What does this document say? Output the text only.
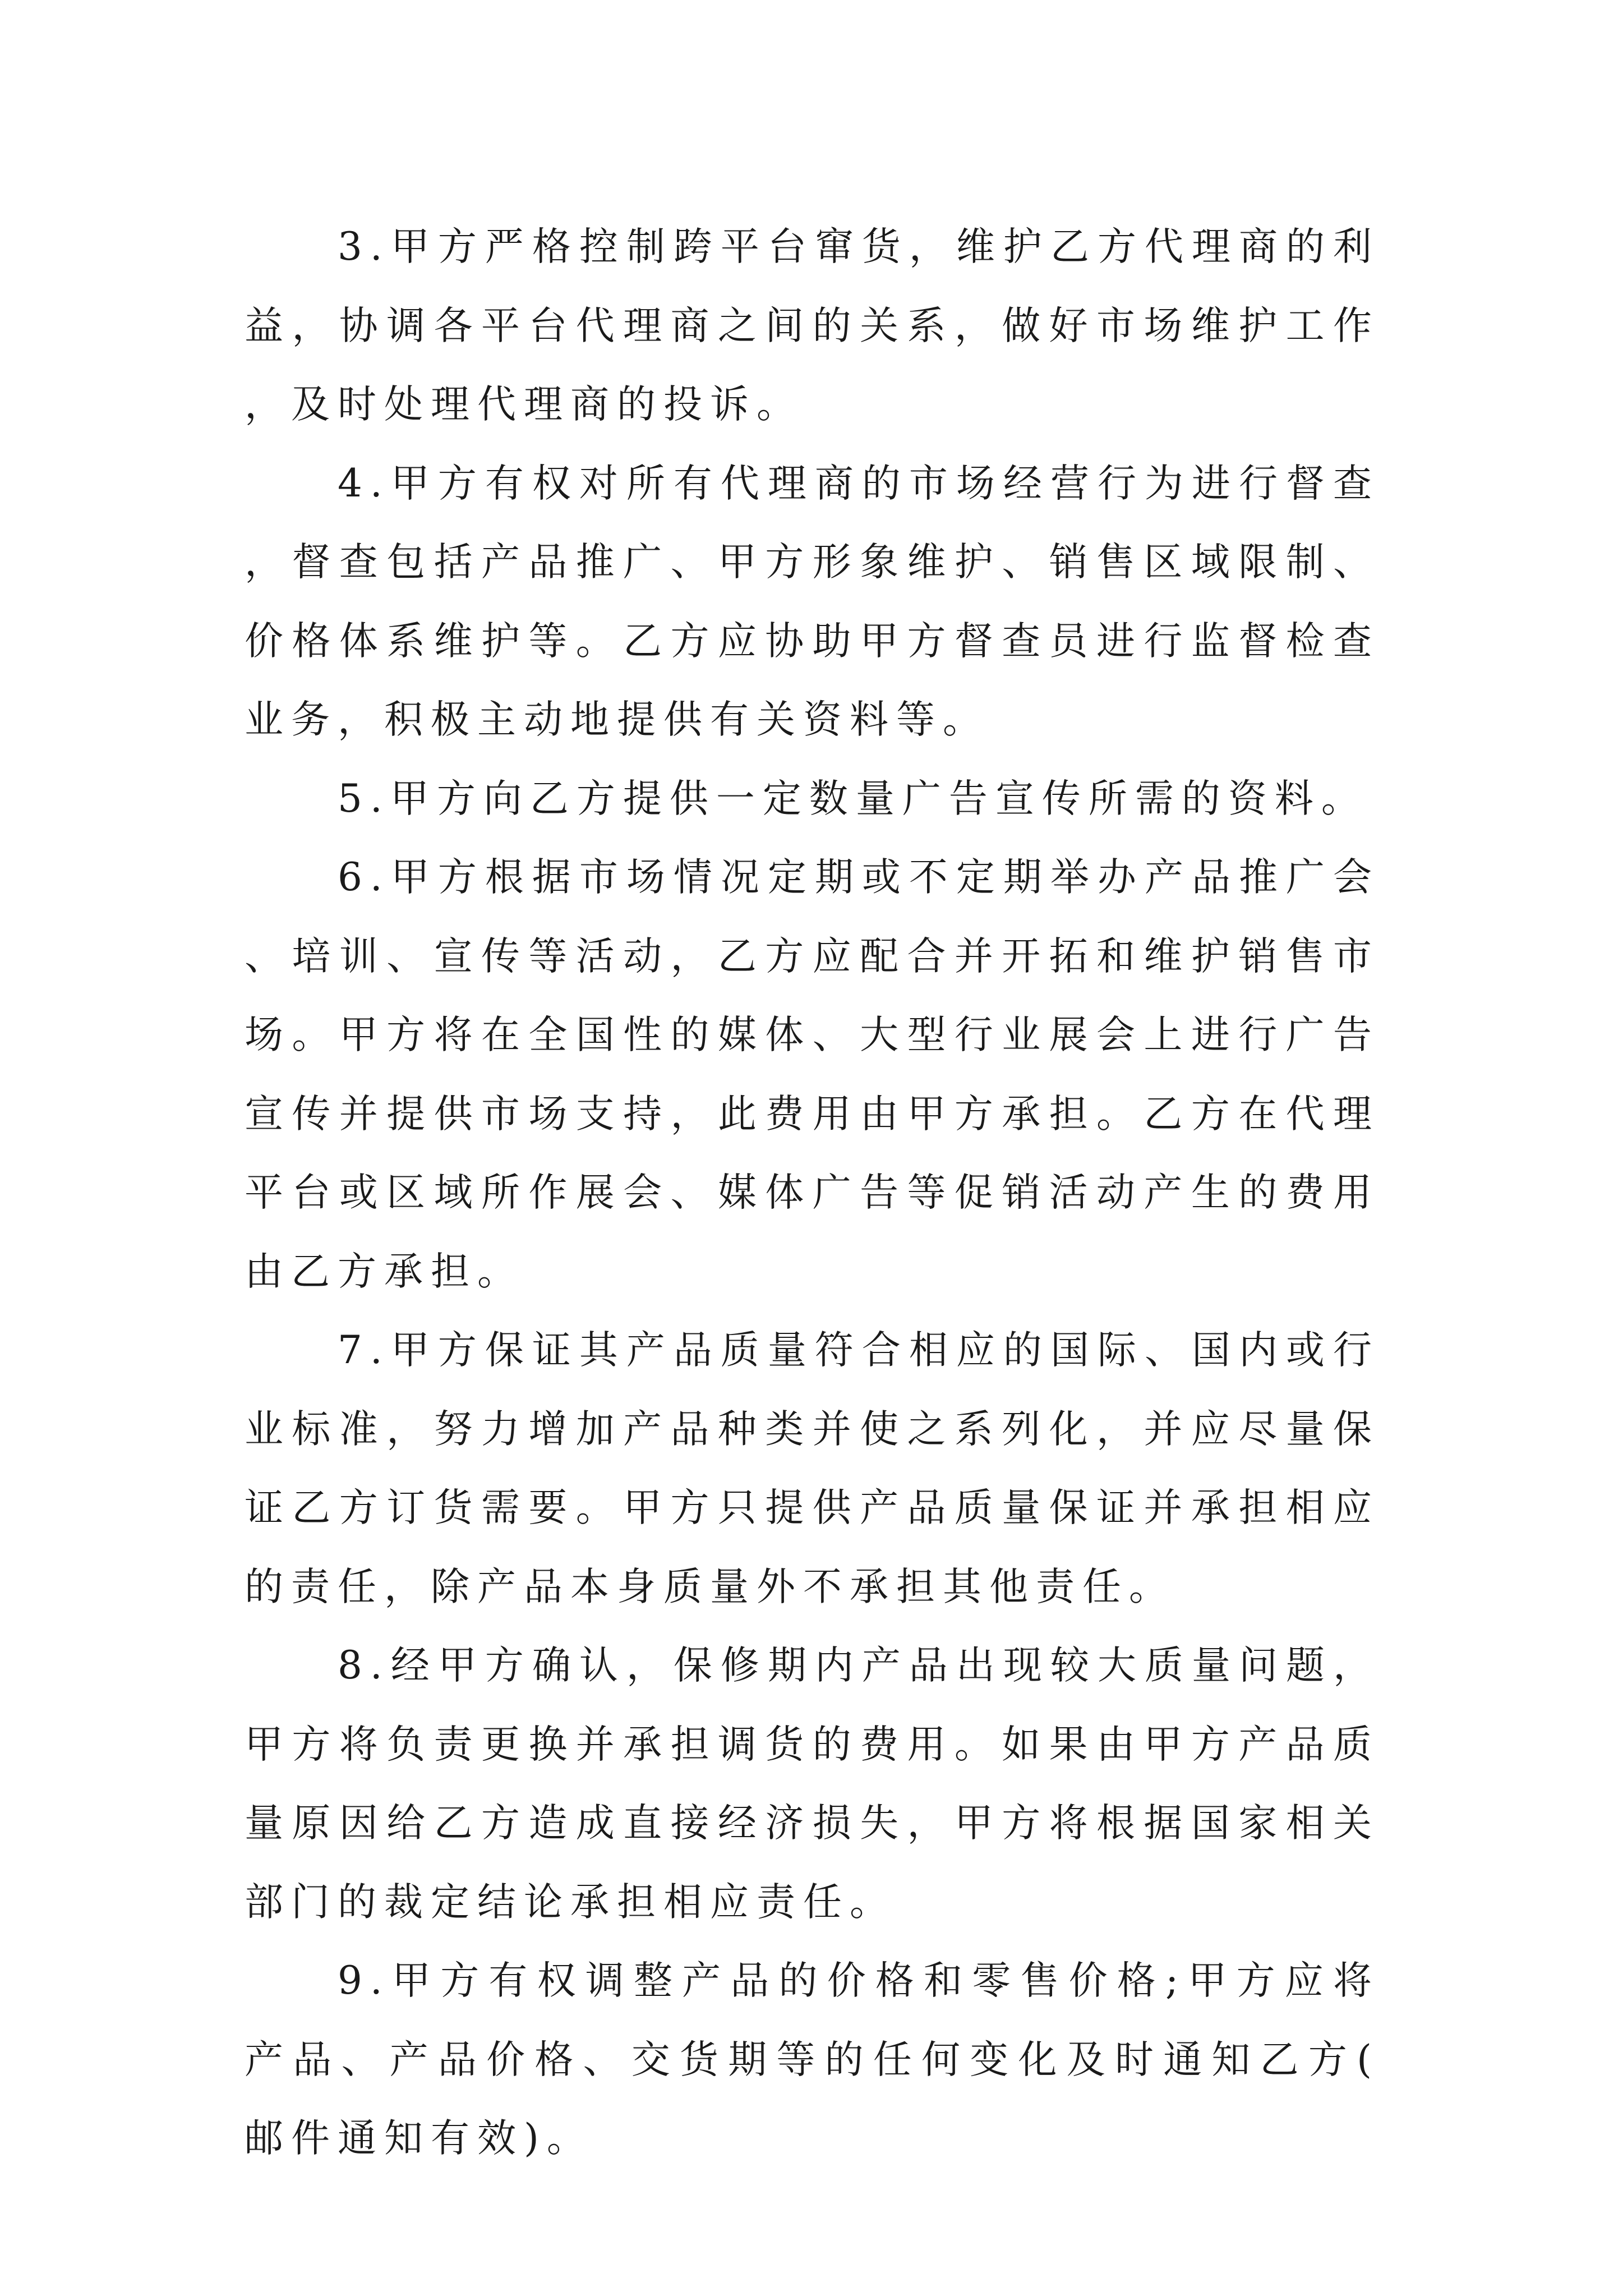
3.甲方严格控制跨平台窜货，维护乙方代理商的利益，协调各平台代理商之间的关系，做好市场维护工作，及时处理代理商的投诉。

4.甲方有权对所有代理商的市场经营行为进行督查，督查包括产品推广、甲方形象维护、销售区域限制、价格体系维护等。乙方应协助甲方督查员进行监督检查业务，积极主动地提供有关资料等。

5.甲方向乙方提供一定数量广告宣传所需的资料。

6.甲方根据市场情况定期或不定期举办产品推广会、培训、宣传等活动，乙方应配合并开拓和维护销售市场。甲方将在全国性的媒体、大型行业展会上进行广告宣传并提供市场支持，此费用由甲方承担。乙方在代理平台或区域所作展会、媒体广告等促销活动产生的费用由乙方承担。

7.甲方保证其产品质量符合相应的国际、国内或行业标准，努力增加产品种类并使之系列化，并应尽量保证乙方订货需要。甲方只提供产品质量保证并承担相应的责任，除产品本身质量外不承担其他责任。

8.经甲方确认，保修期内产品出现较大质量问题，甲方将负责更换并承担调货的费用。如果由甲方产品质量原因给乙方造成直接经济损失，甲方将根据国家相关部门的裁定结论承担相应责任。

9.甲方有权调整产品的价格和零售价格;甲方应将产品、产品价格、交货期等的任何变化及时通知乙方(邮件通知有效)。
